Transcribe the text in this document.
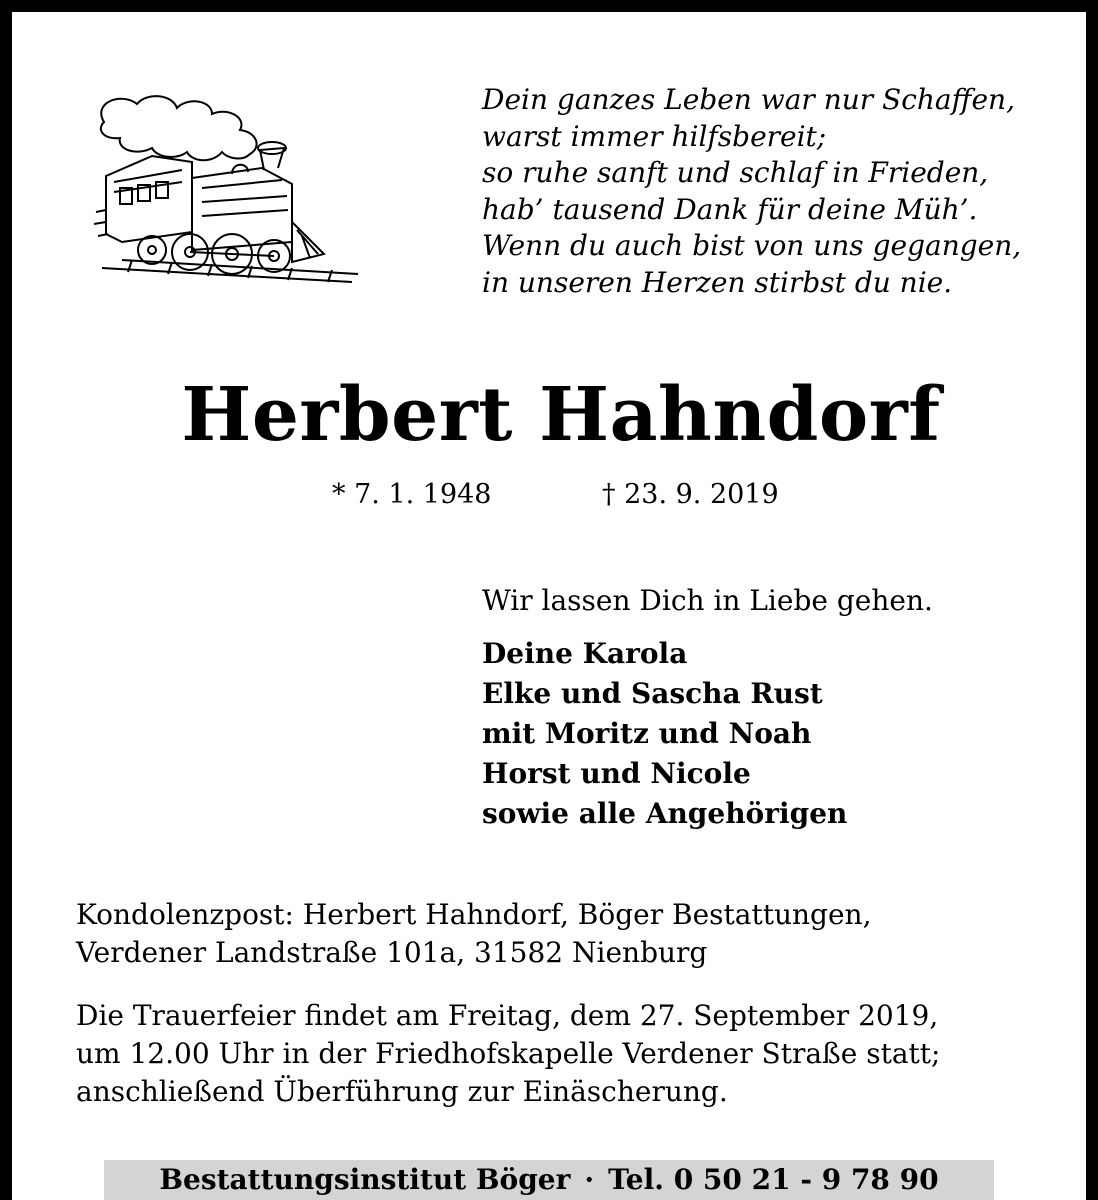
Dein ganzes Leben war nur Schaffen,
warst immer hilfsbereit;
so ruhe sanft und schlaf in Frieden,
hab’ tausend Dank für deine Müh’.
Wenn du auch bist von uns gegangen,
in unseren Herzen stirbst du nie.
Herbert Hahndorf
* 7. 1. 1948	† 23. 9. 2019
Wir lassen Dich in Liebe gehen.
Deine Karola
Elke und Sascha Rust
mit Moritz und Noah
Horst und Nicole
sowie alle Angehörigen
Kondolenzpost: Herbert Hahndorf, Böger Bestattungen,
Verdener Landstraße 101a, 31582 Nienburg
Die Trauerfeier findet am Freitag, dem 27. September 2019,
um 12.00 Uhr in der Friedhofskapelle Verdener Straße statt;
anschließend Überführung zur Einäscherung.
Bestattungsinstitut Böger · Tel. 0 50 21 - 9 78 90
